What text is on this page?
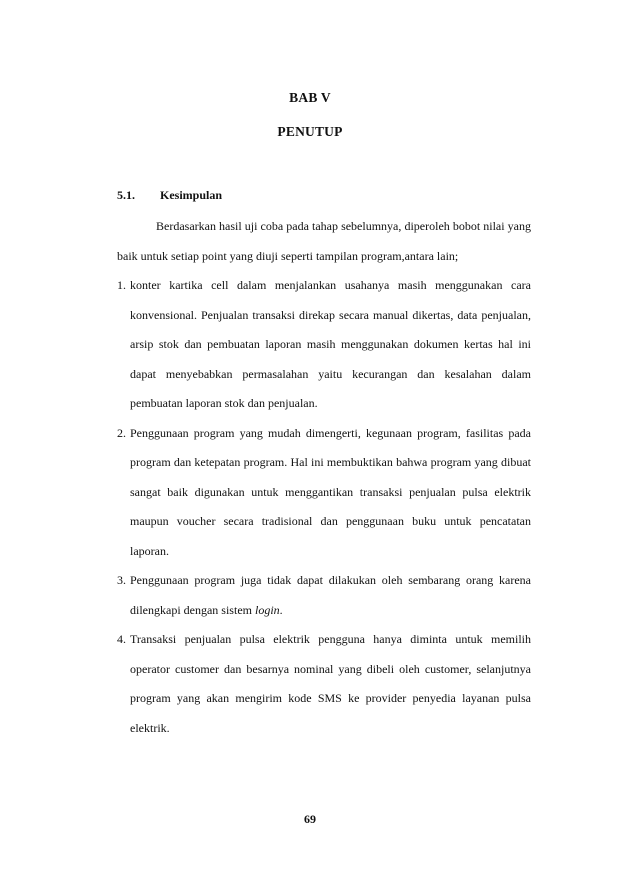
BAB V
PENUTUP
5.1. Kesimpulan

Berdasarkan hasil uji coba pada tahap sebelumnya, diperoleh bobot nilai yang baik untuk setiap point yang diuji seperti tampilan program,antara lain;

1. konter kartika cell dalam menjalankan usahanya masih menggunakan cara konvensional. Penjualan transaksi direkap secara manual dikertas, data penjualan, arsip stok dan pembuatan laporan masih menggunakan dokumen kertas hal ini dapat menyebabkan permasalahan yaitu kecurangan dan kesalahan dalam pembuatan laporan stok dan penjualan.
2. Penggunaan program yang mudah dimengerti, kegunaan program, fasilitas pada program dan ketepatan program. Hal ini membuktikan bahwa program yang dibuat sangat baik digunakan untuk menggantikan transaksi penjualan pulsa elektrik maupun voucher secara tradisional dan penggunaan buku untuk pencatatan laporan.
3. Penggunaan program juga tidak dapat dilakukan oleh sembarang orang karena dilengkapi dengan sistem login.
4. Transaksi penjualan pulsa elektrik pengguna hanya diminta untuk memilih operator customer dan besarnya nominal yang dibeli oleh customer, selanjutnya program yang akan mengirim kode SMS ke provider penyedia layanan pulsa elektrik.
69
